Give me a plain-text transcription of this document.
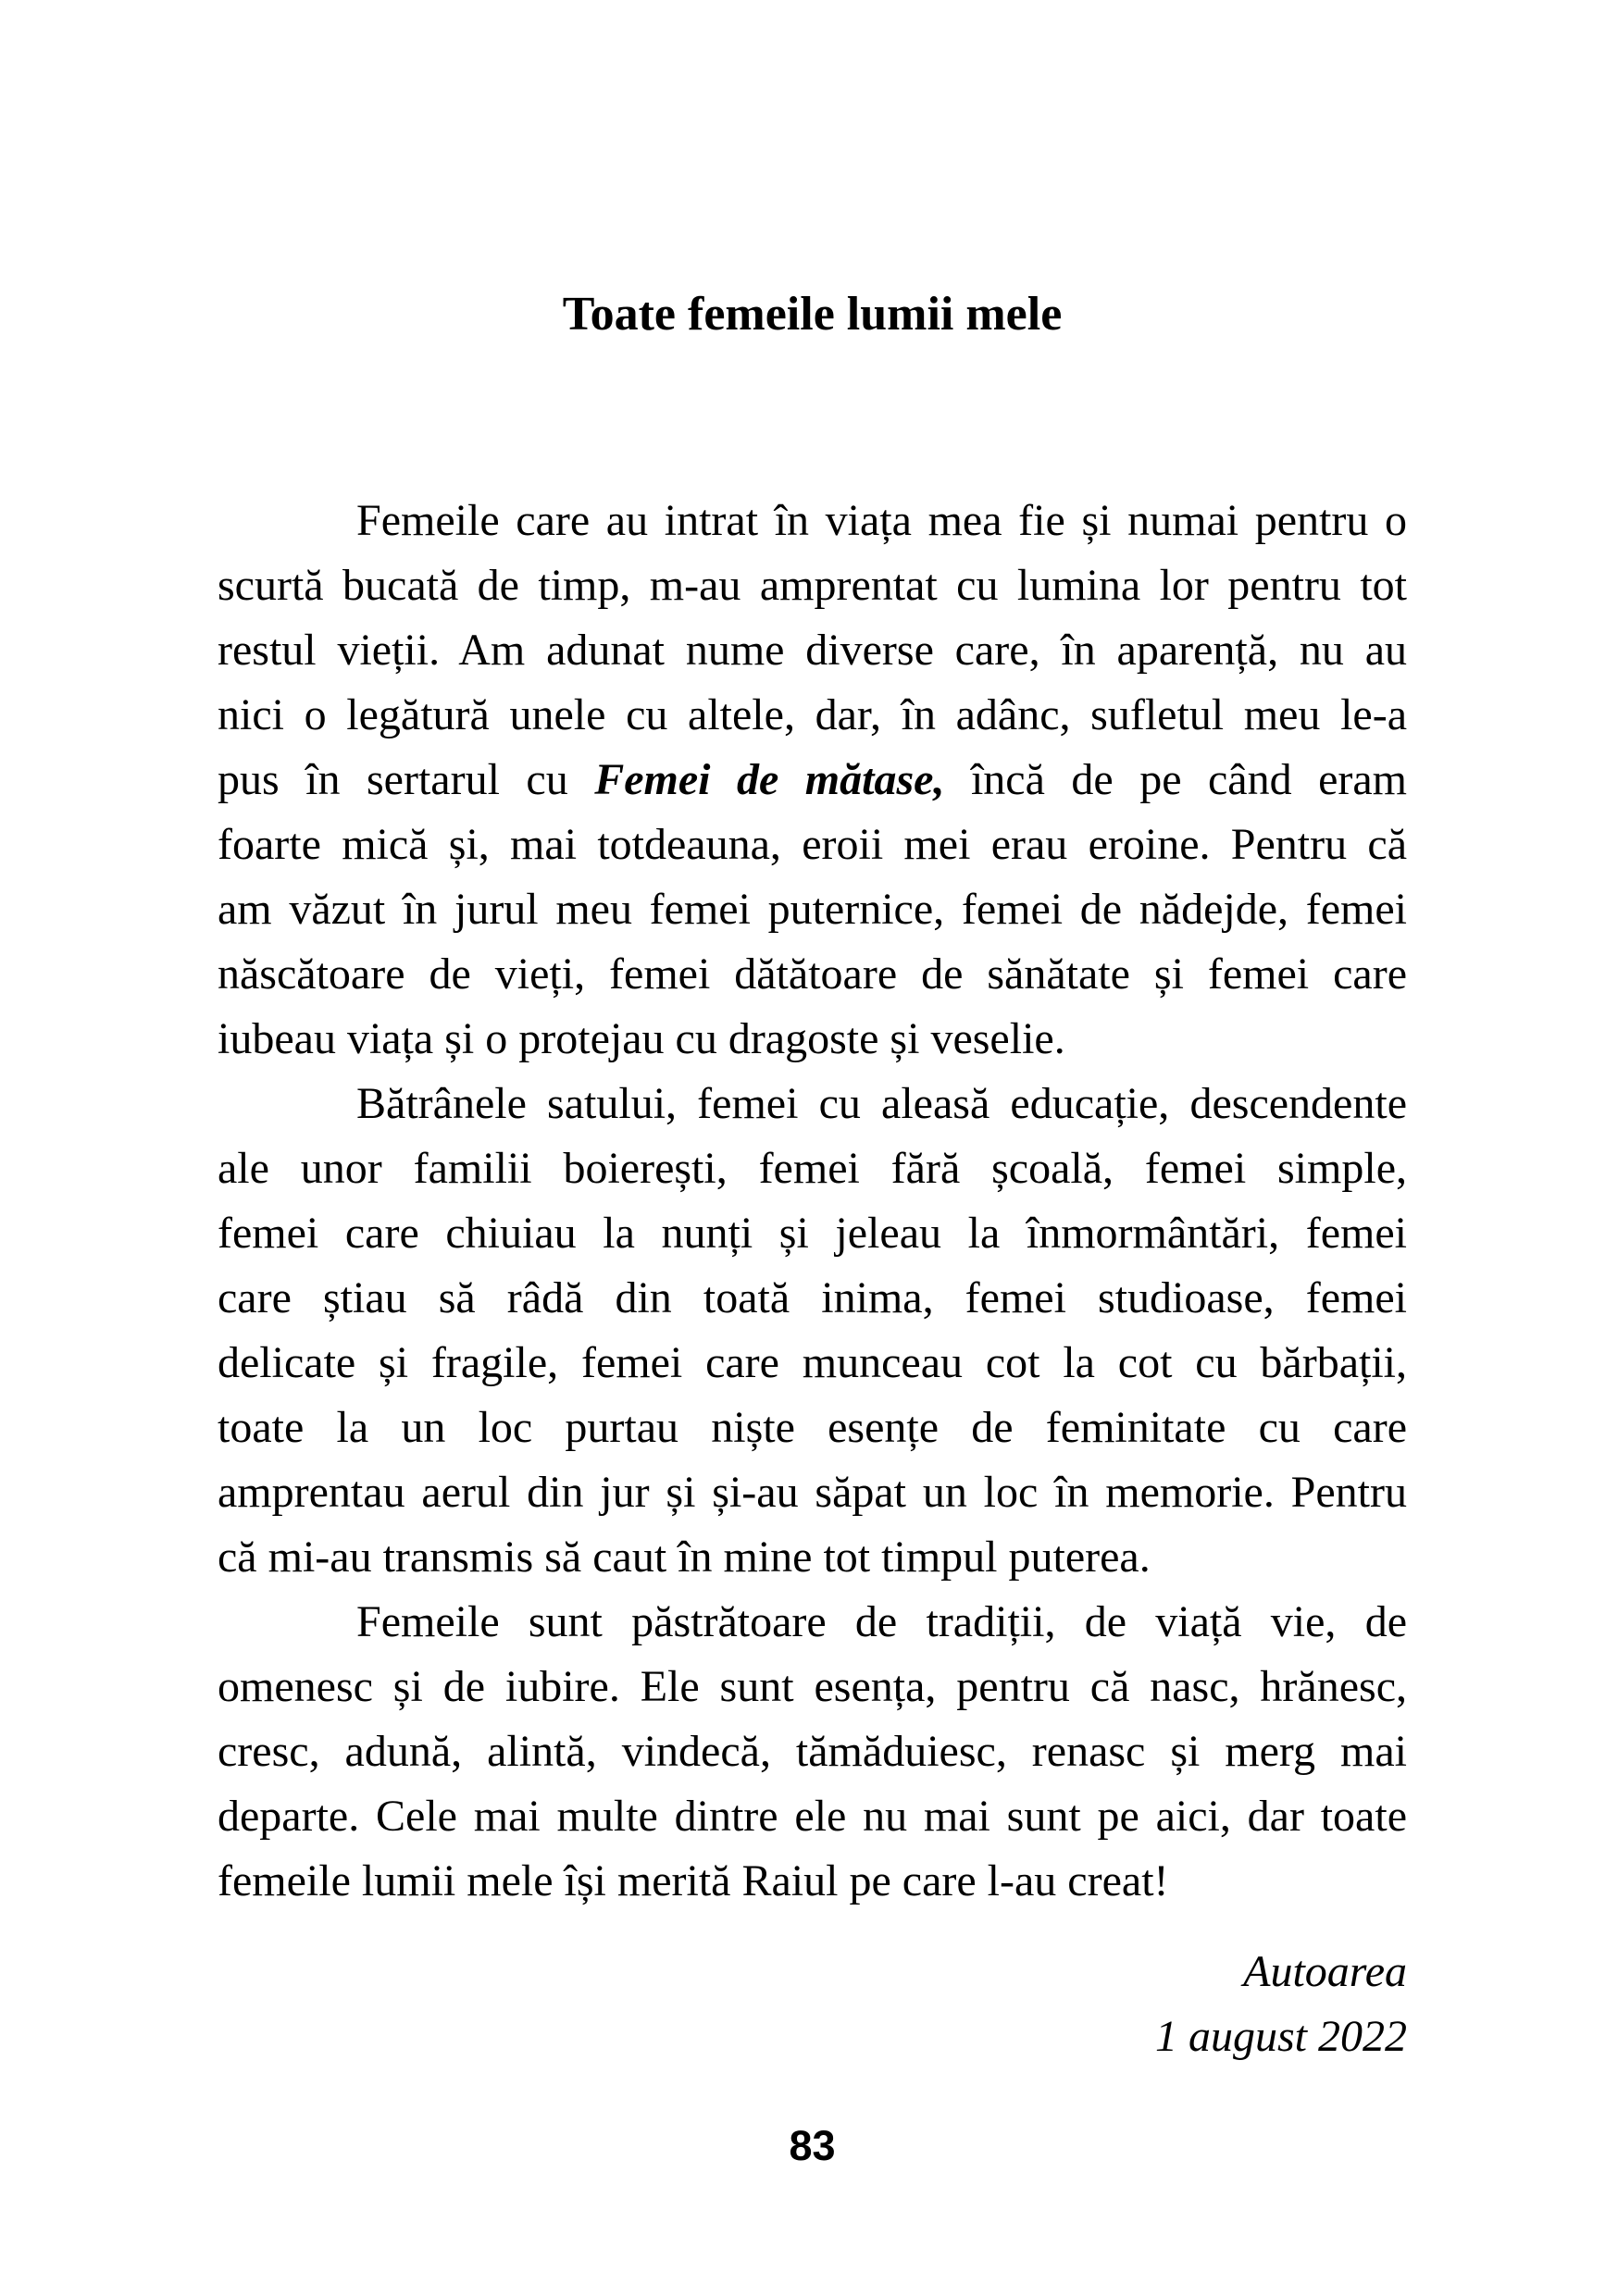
Toate femeile lumii mele
Femeile care au intrat în viața mea fie și numai pentru o
scurtă bucată de timp, m-au amprentat cu lumina lor pentru tot
restul vieții. Am adunat nume diverse care, în aparență, nu au
nici o legătură unele cu altele, dar, în adânc, sufletul meu le-a
pus în sertarul cu Femei de mătase, încă de pe când eram
foarte mică și, mai totdeauna, eroii mei erau eroine. Pentru că
am văzut în jurul meu femei puternice, femei de nădejde, femei
născătoare de vieți, femei dătătoare de sănătate și femei care
iubeau viața și o protejau cu dragoste și veselie.
Bătrânele satului, femei cu aleasă educație, descendente
ale unor familii boierești, femei fără școală, femei simple,
femei care chiuiau la nunți și jeleau la înmormântări, femei
care știau să râdă din toată inima, femei studioase, femei
delicate și fragile, femei care munceau cot la cot cu bărbații,
toate la un loc purtau niște esențe de feminitate cu care
amprentau aerul din jur și și-au săpat un loc în memorie. Pentru
că mi-au transmis să caut în mine tot timpul puterea.
Femeile sunt păstrătoare de tradiții, de viață vie, de
omenesc și de iubire. Ele sunt esența, pentru că nasc, hrănesc,
cresc, adună, alintă, vindecă, tămăduiesc, renasc și merg mai
departe. Cele mai multe dintre ele nu mai sunt pe aici, dar toate
femeile lumii mele își merită Raiul pe care l-au creat!
Autoarea
1 august 2022
83
